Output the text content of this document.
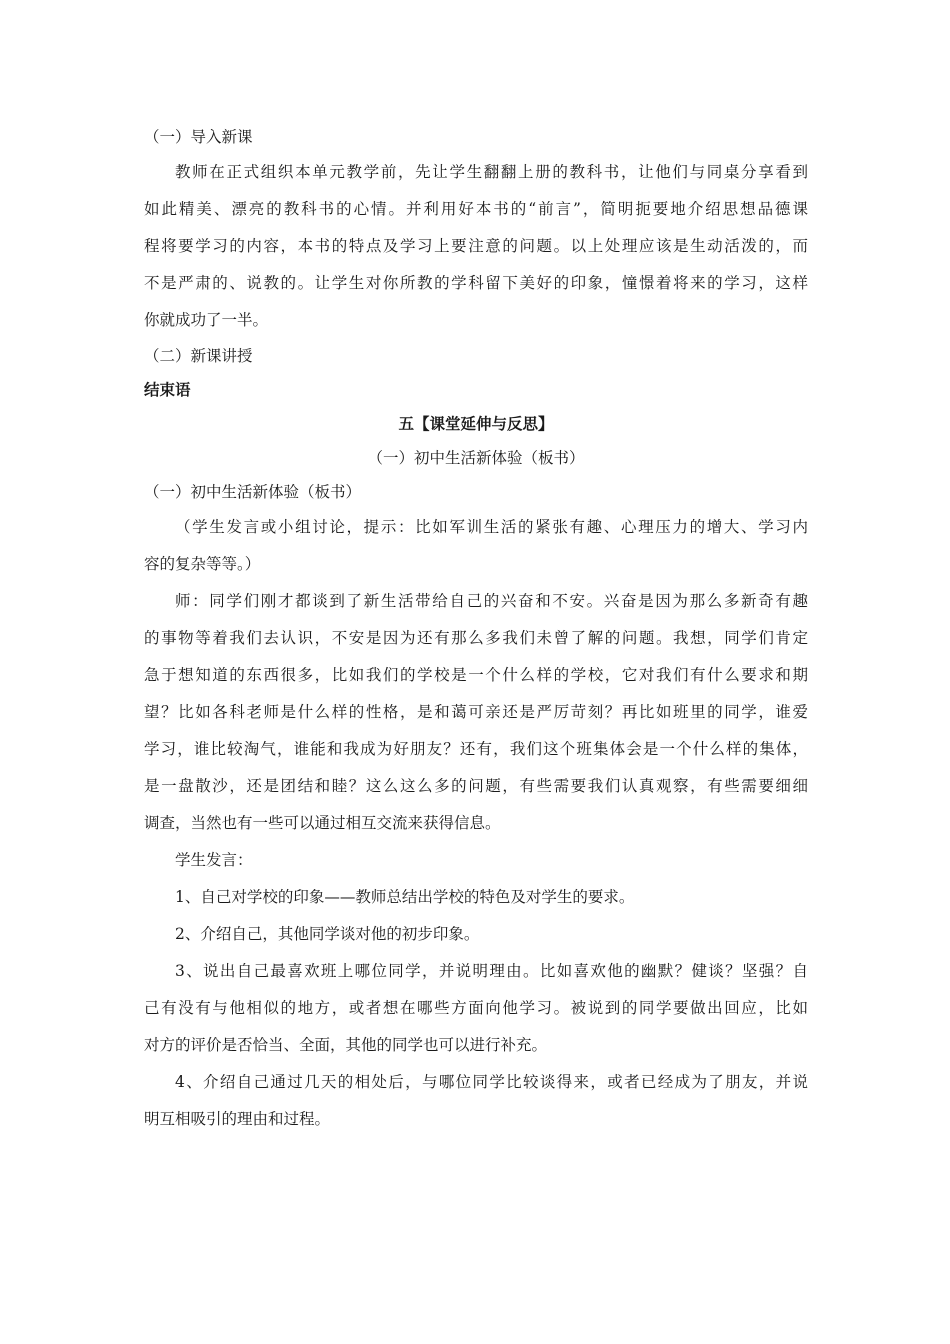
（一）导入新课
教师在正式组织本单元教学前，先让学生翻翻上册的教科书，让他们与同桌分享看到
如此精美、漂亮的教科书的心情。并利用好本书的“前言”，简明扼要地介绍思想品德课
程将要学习的内容，本书的特点及学习上要注意的问题。以上处理应该是生动活泼的，而
不是严肃的、说教的。让学生对你所教的学科留下美好的印象，憧憬着将来的学习，这样
你就成功了一半。
（二）新课讲授
结束语
五【课堂延伸与反思】
（一）初中生活新体验（板书）
（一）初中生活新体验（板书）
（学生发言或小组讨论，提示：比如军训生活的紧张有趣、心理压力的增大、学习内
容的复杂等等。）
师：同学们刚才都谈到了新生活带给自己的兴奋和不安。兴奋是因为那么多新奇有趣
的事物等着我们去认识，不安是因为还有那么多我们未曾了解的问题。我想，同学们肯定
急于想知道的东西很多，比如我们的学校是一个什么样的学校，它对我们有什么要求和期
望？比如各科老师是什么样的性格，是和蔼可亲还是严厉苛刻？再比如班里的同学，谁爱
学习，谁比较淘气，谁能和我成为好朋友？还有，我们这个班集体会是一个什么样的集体，
是一盘散沙，还是团结和睦？这么这么多的问题，有些需要我们认真观察，有些需要细细
调查，当然也有一些可以通过相互交流来获得信息。
学生发言：
1、自己对学校的印象——教师总结出学校的特色及对学生的要求。
2、介绍自己，其他同学谈对他的初步印象。
3、说出自己最喜欢班上哪位同学，并说明理由。比如喜欢他的幽默？健谈？坚强？自
己有没有与他相似的地方，或者想在哪些方面向他学习。被说到的同学要做出回应，比如
对方的评价是否恰当、全面，其他的同学也可以进行补充。
4、介绍自己通过几天的相处后，与哪位同学比较谈得来，或者已经成为了朋友，并说
明互相吸引的理由和过程。
